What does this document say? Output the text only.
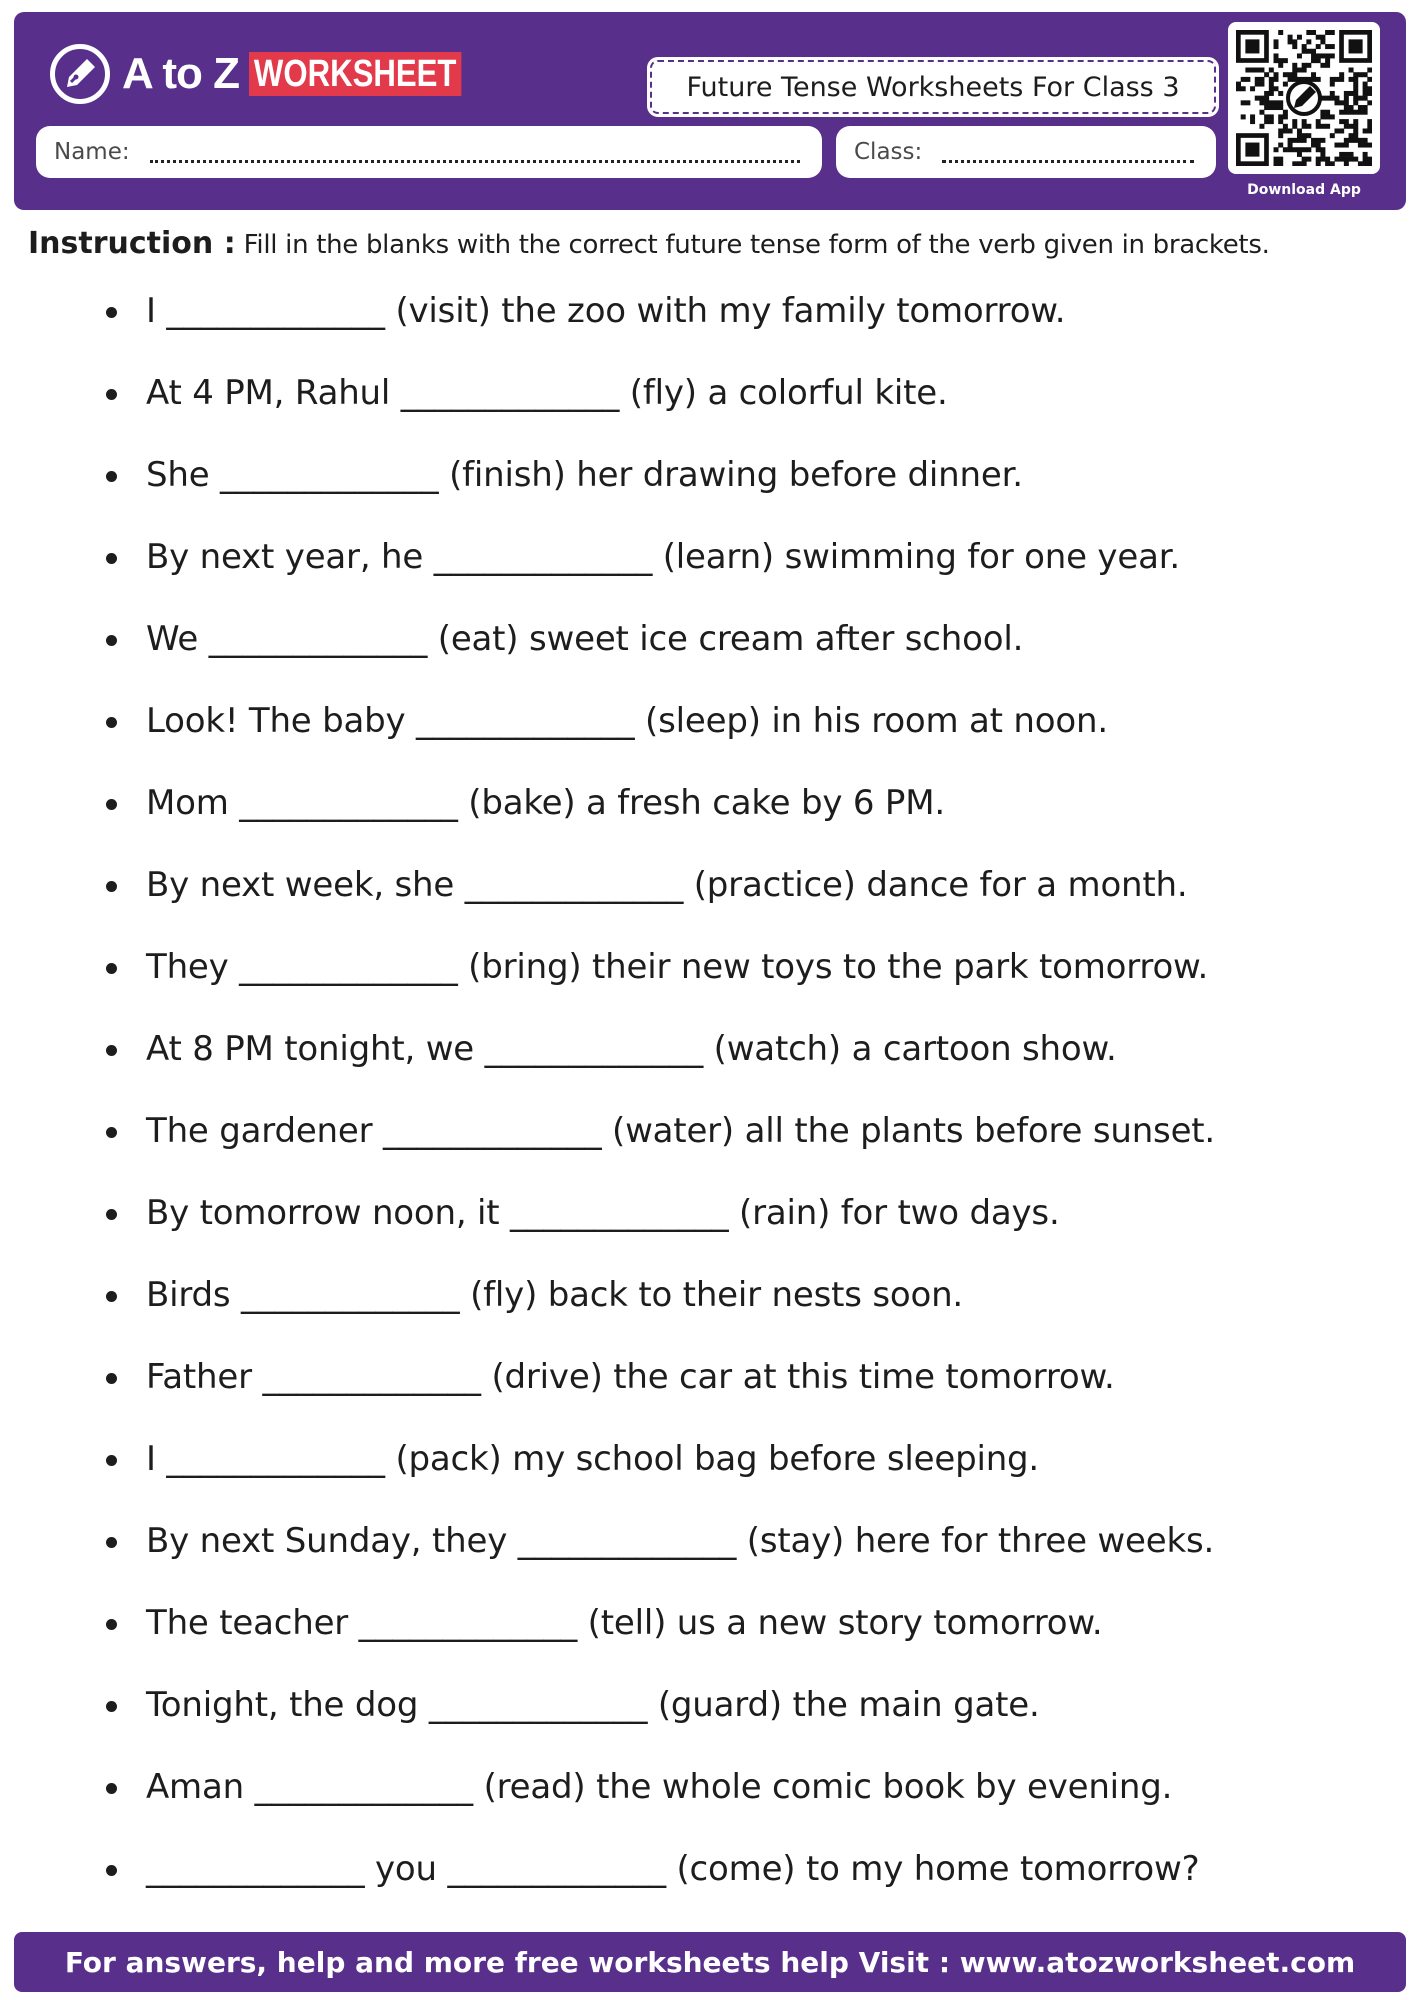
A to Z WORKSHEET	Future Tense Worksheets For Class 3
Name:	Class:
Download App
Instruction : Fill in the blanks with the correct future tense form of the verb given in brackets.
I _____________ (visit) the zoo with my family tomorrow.
At 4 PM, Rahul _____________ (fly) a colorful kite.
She _____________ (finish) her drawing before dinner.
By next year, he _____________ (learn) swimming for one year.
We _____________ (eat) sweet ice cream after school.
Look! The baby _____________ (sleep) in his room at noon.
Mom _____________ (bake) a fresh cake by 6 PM.
By next week, she _____________ (practice) dance for a month.
They _____________ (bring) their new toys to the park tomorrow.
At 8 PM tonight, we _____________ (watch) a cartoon show.
The gardener _____________ (water) all the plants before sunset.
By tomorrow noon, it _____________ (rain) for two days.
Birds _____________ (fly) back to their nests soon.
Father _____________ (drive) the car at this time tomorrow.
I _____________ (pack) my school bag before sleeping.
By next Sunday, they _____________ (stay) here for three weeks.
The teacher _____________ (tell) us a new story tomorrow.
Tonight, the dog _____________ (guard) the main gate.
Aman _____________ (read) the whole comic book by evening.
_____________ you _____________ (come) to my home tomorrow?
For answers, help and more free worksheets help Visit : www.atozworksheet.com
